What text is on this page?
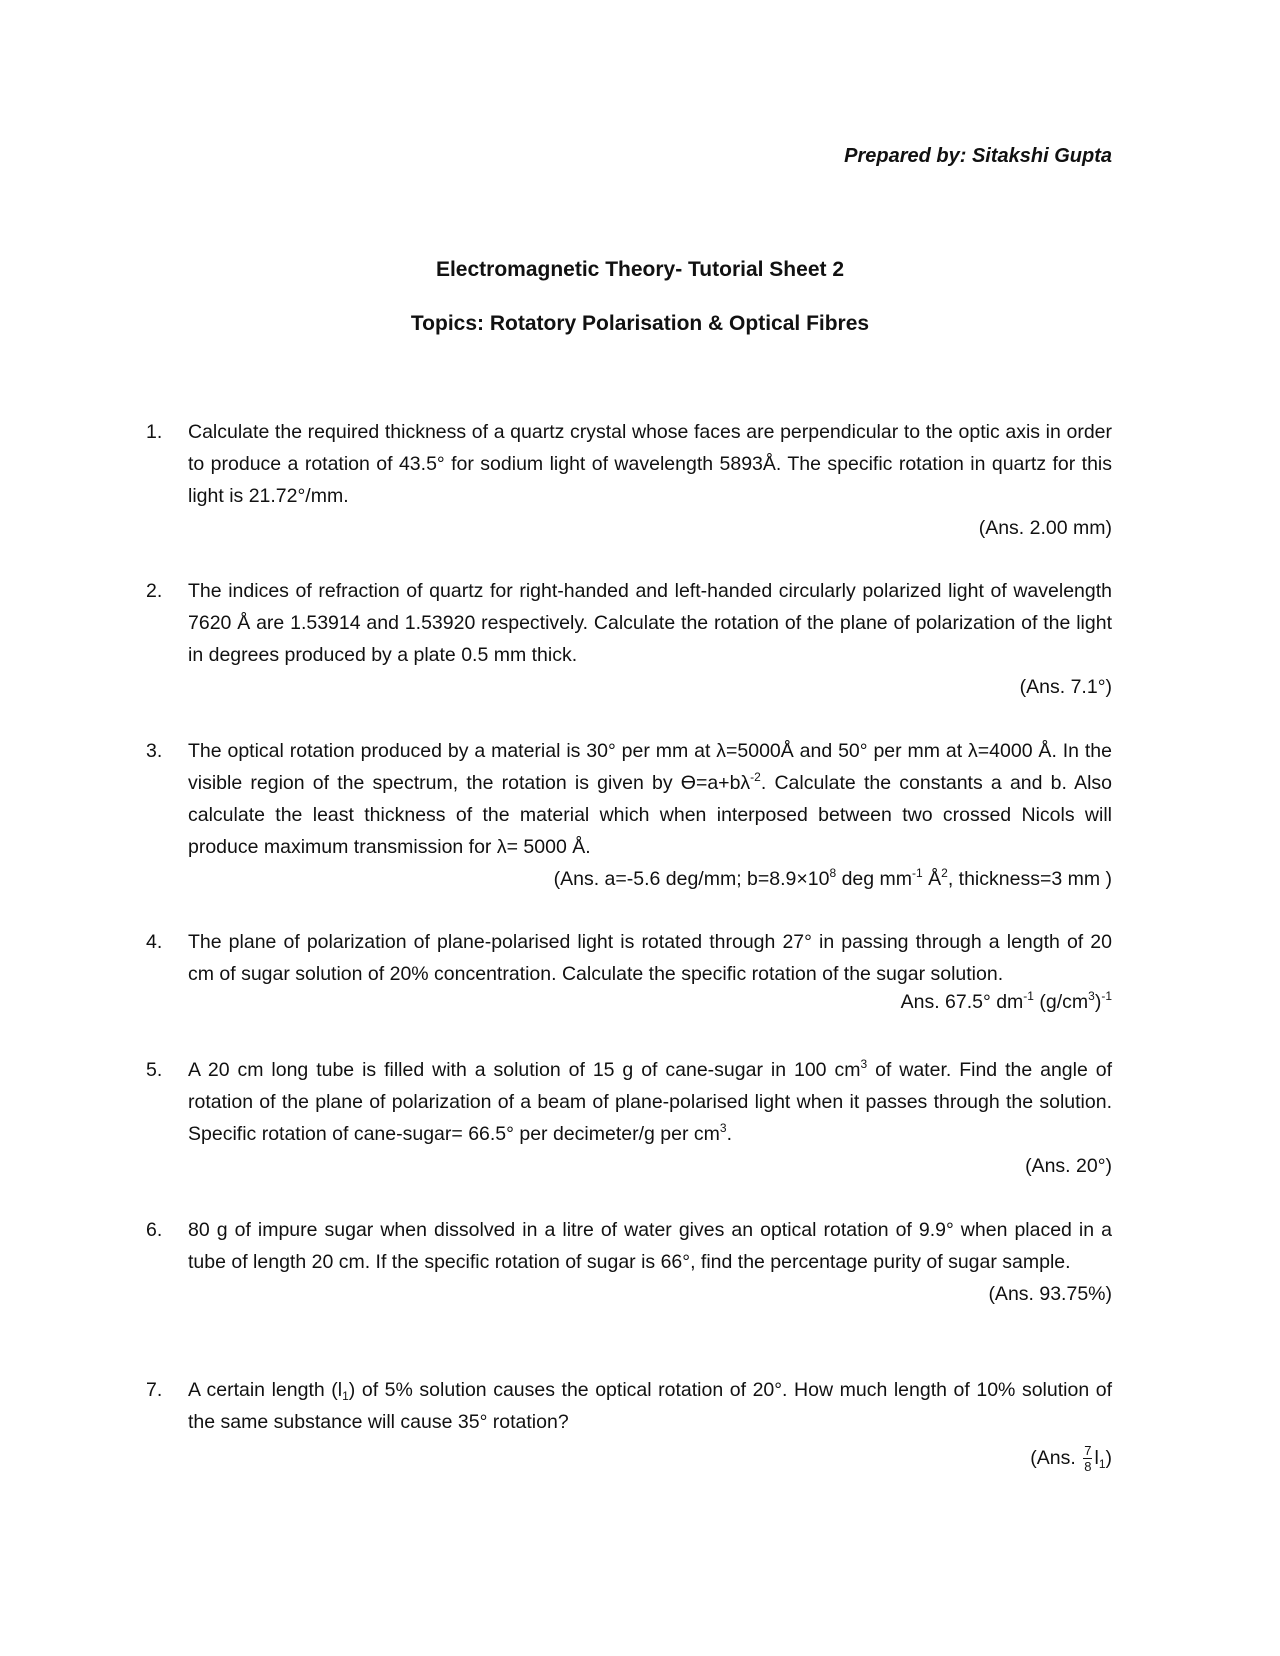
Prepared by: Sitakshi Gupta
Electromagnetic Theory- Tutorial Sheet 2
Topics: Rotatory Polarisation & Optical Fibres
1.	Calculate the required thickness of a quartz crystal whose faces are perpendicular to the optic axis in order to produce a rotation of 43.5° for sodium light of wavelength 5893Å. The specific rotation in quartz for this light is 21.72°/mm.
(Ans. 2.00 mm)
2.	The indices of refraction of quartz for right-handed and left-handed circularly polarized light of wavelength 7620 Å are 1.53914 and 1.53920 respectively. Calculate the rotation of the plane of polarization of the light in degrees produced by a plate 0.5 mm thick.
(Ans. 7.1°)
3.	The optical rotation produced by a material is 30° per mm at λ=5000Å and 50° per mm at λ=4000 Å. In the visible region of the spectrum, the rotation is given by $ϴ=a+b\lambda^{-2}$. Calculate the constants a and b. Also calculate the least thickness of the material which when interposed between two crossed Nicols will produce maximum transmission for λ= 5000 Å.
(Ans. a=-5.6 deg/mm; $b=8.9\times 10^8$ deg $mm^{-1}$ $Å^2$, thickness=3 mm )
4.	The plane of polarization of plane-polarised light is rotated through 27° in passing through a length of 20 cm of sugar solution of 20% concentration. Calculate the specific rotation of the sugar solution.
Ans. 67.5° $dm^{-1}$ $(g/cm^3)^{-1}$
5.	A 20 cm long tube is filled with a solution of 15 g of cane-sugar in 100 $cm^3$ of water. Find the angle of rotation of the plane of polarization of a beam of plane-polarised light when it passes through the solution. Specific rotation of cane-sugar= 66.5° per decimeter/g per $cm^3$.
(Ans. 20°)
6.	80 g of impure sugar when dissolved in a litre of water gives an optical rotation of 9.9° when placed in a tube of length 20 cm. If the specific rotation of sugar is 66°, find the percentage purity of sugar sample.
(Ans. 93.75%)
7.	A certain length $(l_1)$ of 5% solution causes the optical rotation of 20°. How much length of 10% solution of the same substance will cause 35° rotation?
(Ans. $\frac{7}{8} l_1$)
